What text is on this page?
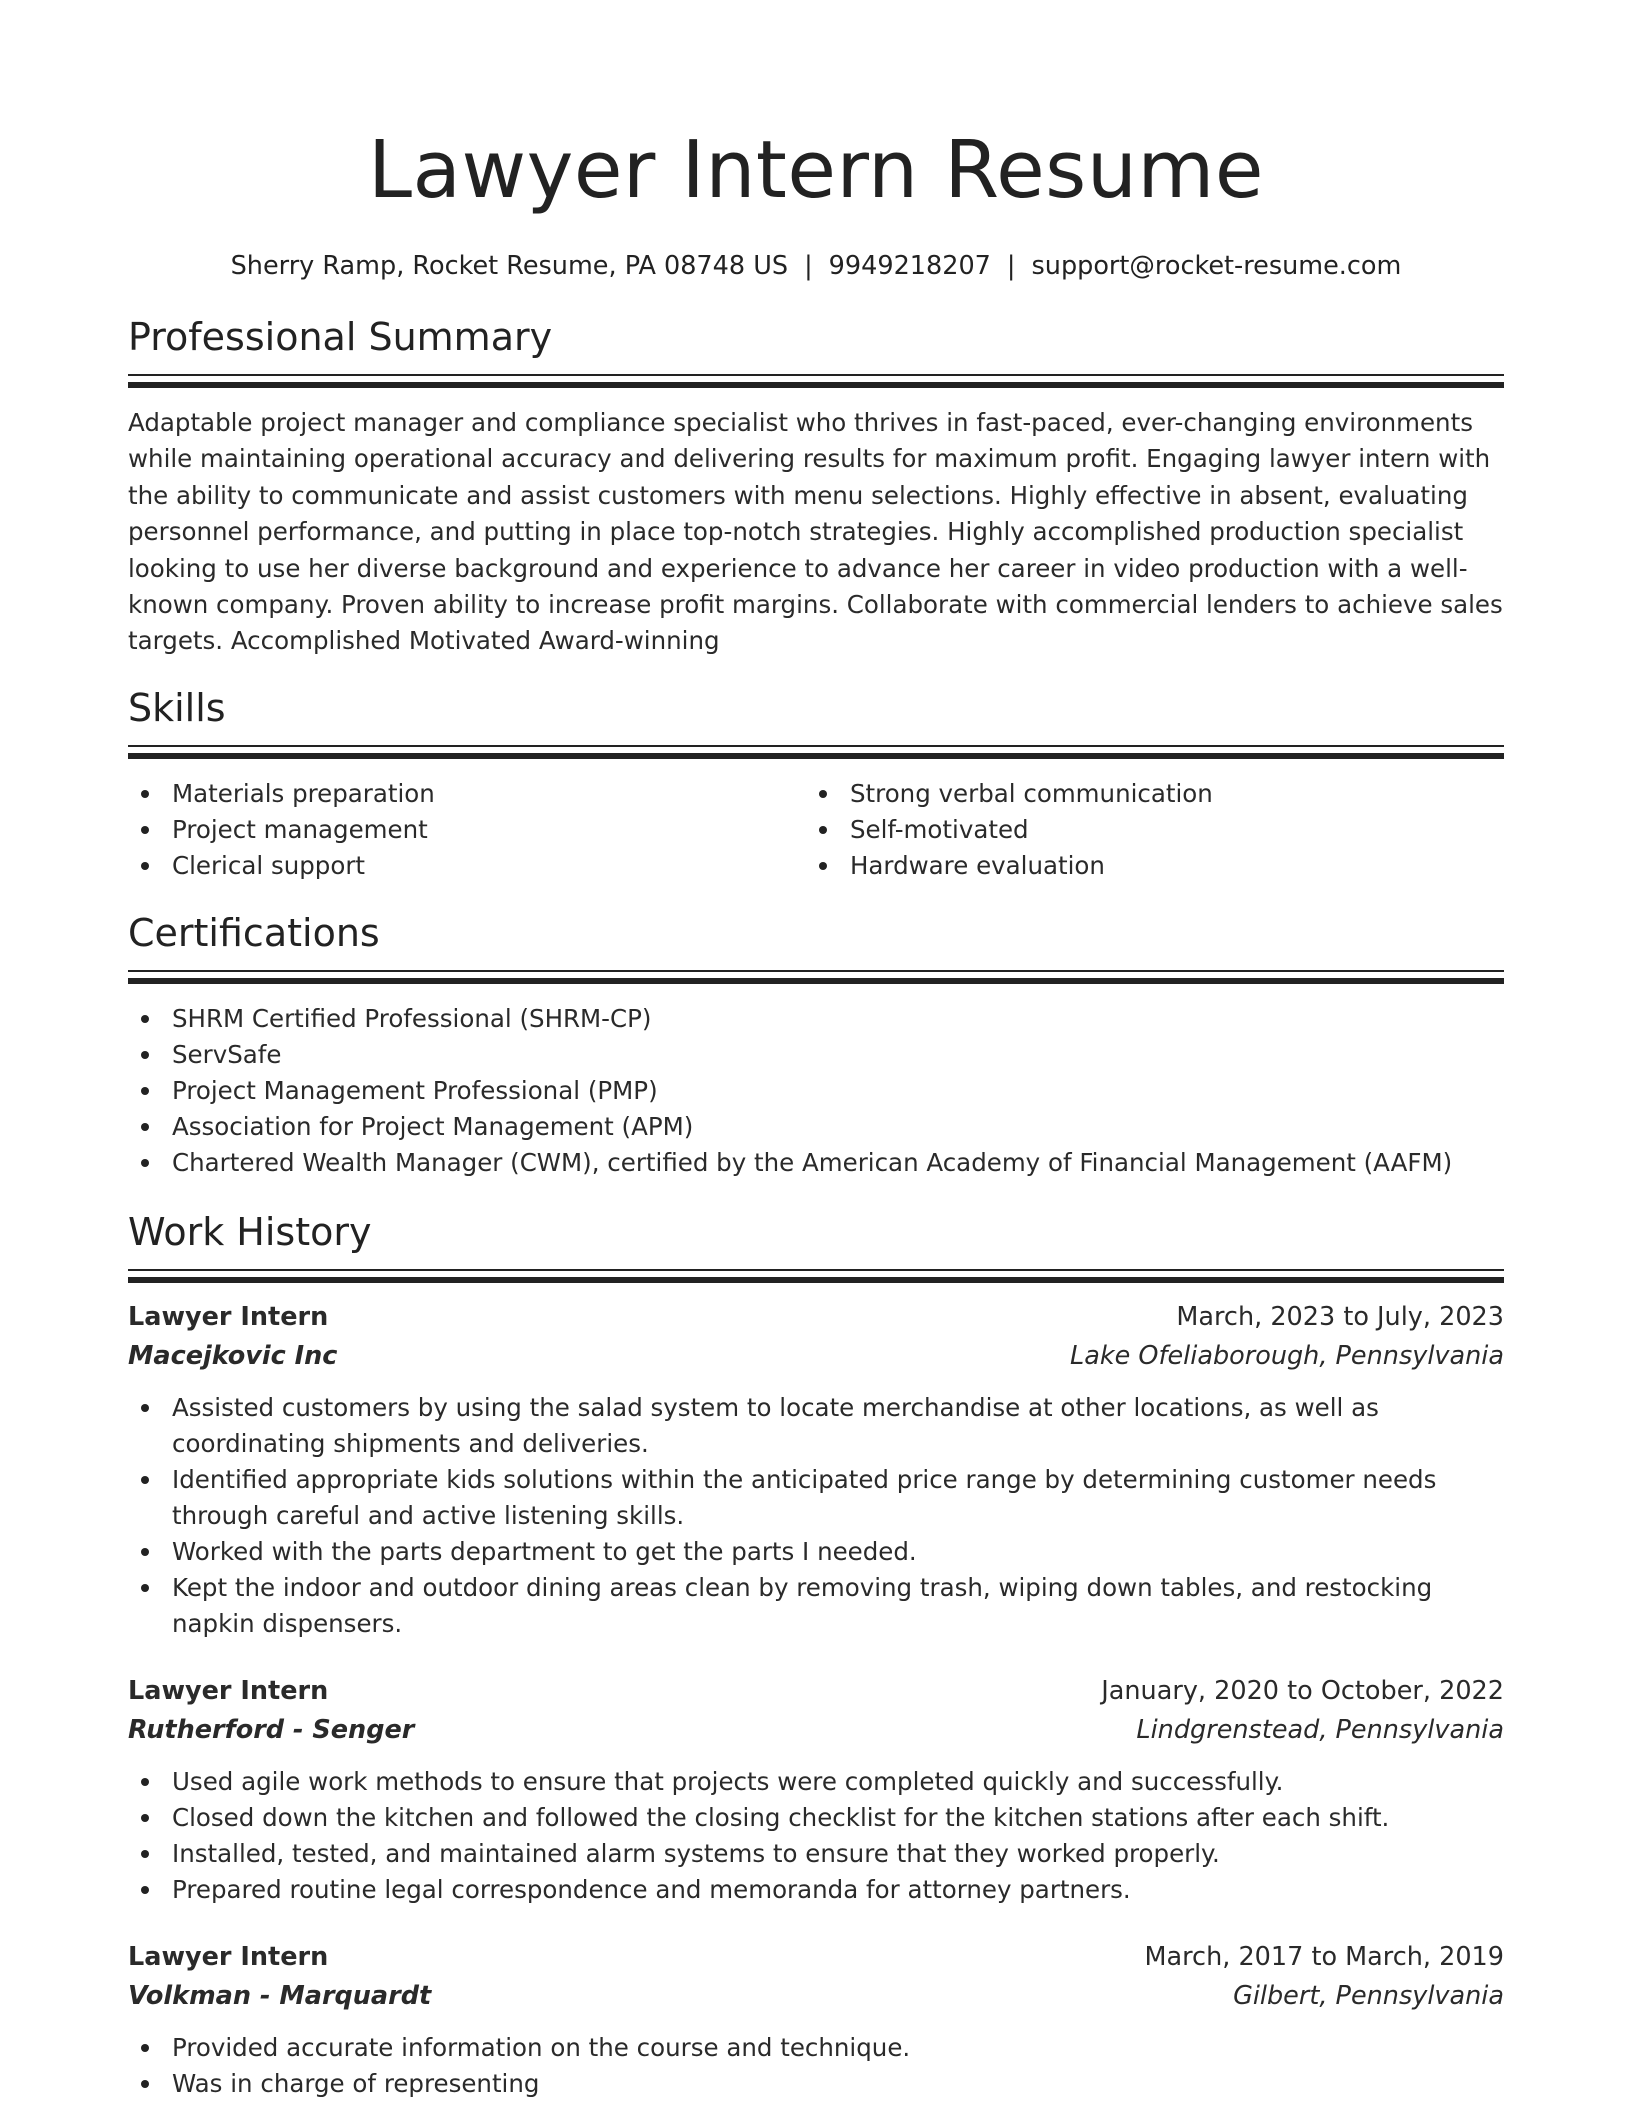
Lawyer Intern Resume
Sherry Ramp, Rocket Resume, PA 08748 US | 9949218207 | support@rocket-resume.com
Professional Summary

Adaptable project manager and compliance specialist who thrives in fast-paced, ever-changing environments while maintaining operational accuracy and delivering results for maximum profit. Engaging lawyer intern with the ability to communicate and assist customers with menu selections. Highly effective in absent, evaluating personnel performance, and putting in place top-notch strategies. Highly accomplished production specialist looking to use her diverse background and experience to advance her career in video production with a well-known company. Proven ability to increase profit margins. Collaborate with commercial lenders to achieve sales targets. Accomplished Motivated Award-winning

Skills
Materials preparation
Project management
Clerical support
Strong verbal communication
Self-motivated
Hardware evaluation
Certifications
SHRM Certified Professional (SHRM-CP)
ServSafe
Project Management Professional (PMP)
Association for Project Management (APM)
Chartered Wealth Manager (CWM), certified by the American Academy of Financial Management (AAFM)
Work History
Lawyer Intern	March, 2023 to July, 2023
Macejkovic Inc	Lake Ofeliaborough, Pennsylvania
Assisted customers by using the salad system to locate merchandise at other locations, as well as coordinating shipments and deliveries.
Identified appropriate kids solutions within the anticipated price range by determining customer needs through careful and active listening skills.
Worked with the parts department to get the parts I needed.
Kept the indoor and outdoor dining areas clean by removing trash, wiping down tables, and restocking napkin dispensers.
Lawyer Intern	January, 2020 to October, 2022
Rutherford - Senger	Lindgrenstead, Pennsylvania
Used agile work methods to ensure that projects were completed quickly and successfully.
Closed down the kitchen and followed the closing checklist for the kitchen stations after each shift.
Installed, tested, and maintained alarm systems to ensure that they worked properly.
Prepared routine legal correspondence and memoranda for attorney partners.
Lawyer Intern	March, 2017 to March, 2019
Volkman - Marquardt	Gilbert, Pennsylvania
Provided accurate information on the course and technique.
Was in charge of representing
